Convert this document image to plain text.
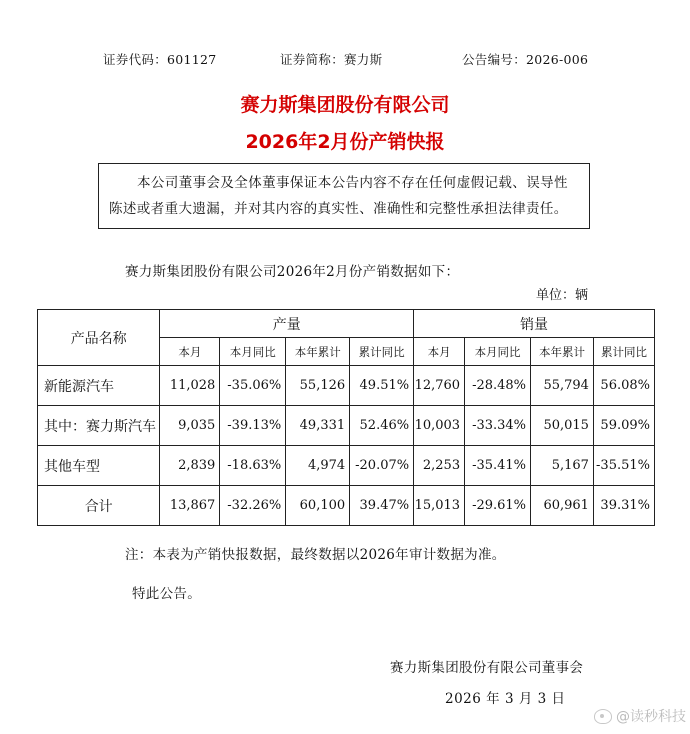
证券代码：601127	证券简称：赛力斯	公告编号：2026-006
赛力斯集团股份有限公司
2026年2月份产销快报
本公司董事会及全体董事保证本公告内容不存在任何虚假记载、误导性陈述或者重大遗漏，并对其内容的真实性、准确性和完整性承担法律责任。
赛力斯集团股份有限公司2026年2月份产销数据如下：
单位：辆
产品名称	产量				销量			
	本月	本月同比	本年累计	累计同比	本月	本月同比	本年累计	累计同比
新能源汽车	11,028	-35.06%	55,126	49.51%	12,760	-28.48%	55,794	56.08%
其中：赛力斯汽车	9,035	-39.13%	49,331	52.46%	10,003	-33.34%	50,015	59.09%
其他车型	2,839	-18.63%	4,974	-20.07%	2,253	-35.41%	5,167	-35.51%
合计	13,867	-32.26%	60,100	39.47%	15,013	-29.61%	60,961	39.31%
注：本表为产销快报数据，最终数据以2026年审计数据为准。
特此公告。
赛力斯集团股份有限公司董事会
2026 年 3 月 3 日
@读秒科技
